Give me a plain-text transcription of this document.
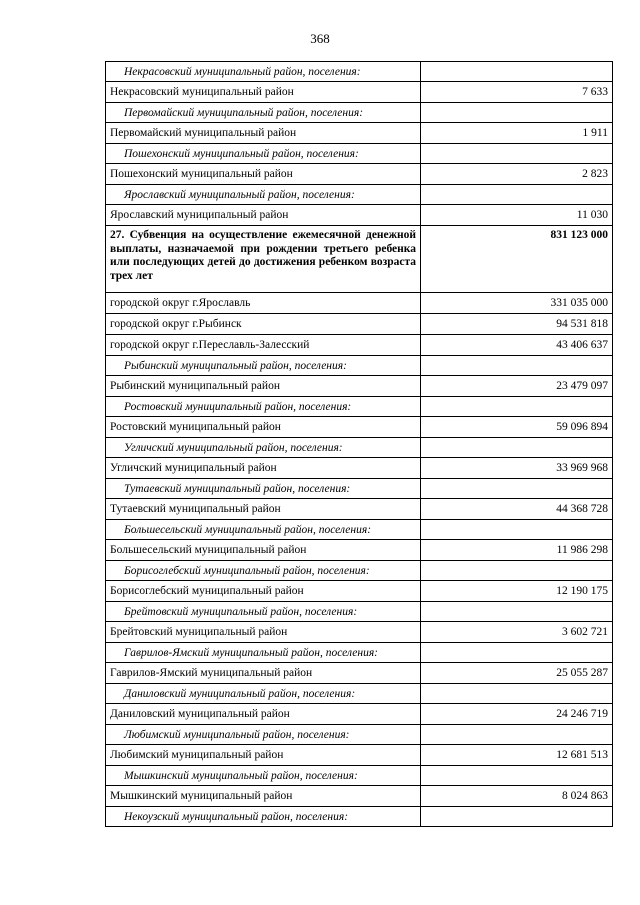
368
Некрасовский муниципальный район, поселения:	
Некрасовский муниципальный район	7 633
Первомайский муниципальный район, поселения:	
Первомайский муниципальный район	1 911
Пошехонский муниципальный район, поселения:	
Пошехонский муниципальный район	2 823
Ярославский муниципальный район, поселения:	
Ярославский муниципальный район	11 030
27. Субвенция на осуществление ежемесячной денежной выплаты, назначаемой при рождении третьего ребенка или последующих детей до достижения ребенком возраста трех лет	831 123 000
городской округ г.Ярославль	331 035 000
городской округ г.Рыбинск	94 531 818
городской округ г.Переславль-Залесский	43 406 637
Рыбинский муниципальный район, поселения:	
Рыбинский муниципальный район	23 479 097
Ростовский муниципальный район, поселения:	
Ростовский муниципальный район	59 096 894
Угличский муниципальный район, поселения:	
Угличский муниципальный район	33 969 968
Тутаевский муниципальный район, поселения:	
Тутаевский муниципальный район	44 368 728
Большесельский муниципальный район, поселения:	
Большесельский муниципальный район	11 986 298
Борисоглебский муниципальный район, поселения:	
Борисоглебский муниципальный район	12 190 175
Брейтовский муниципальный район, поселения:	
Брейтовский муниципальный район	3 602 721
Гаврилов-Ямский муниципальный район, поселения:	
Гаврилов-Ямский муниципальный район	25 055 287
Даниловский муниципальный район, поселения:	
Даниловский муниципальный район	24 246 719
Любимский муниципальный район, поселения:	
Любимский муниципальный район	12 681 513
Мышкинский муниципальный район, поселения:	
Мышкинский муниципальный район	8 024 863
Некоузский муниципальный район, поселения:	
